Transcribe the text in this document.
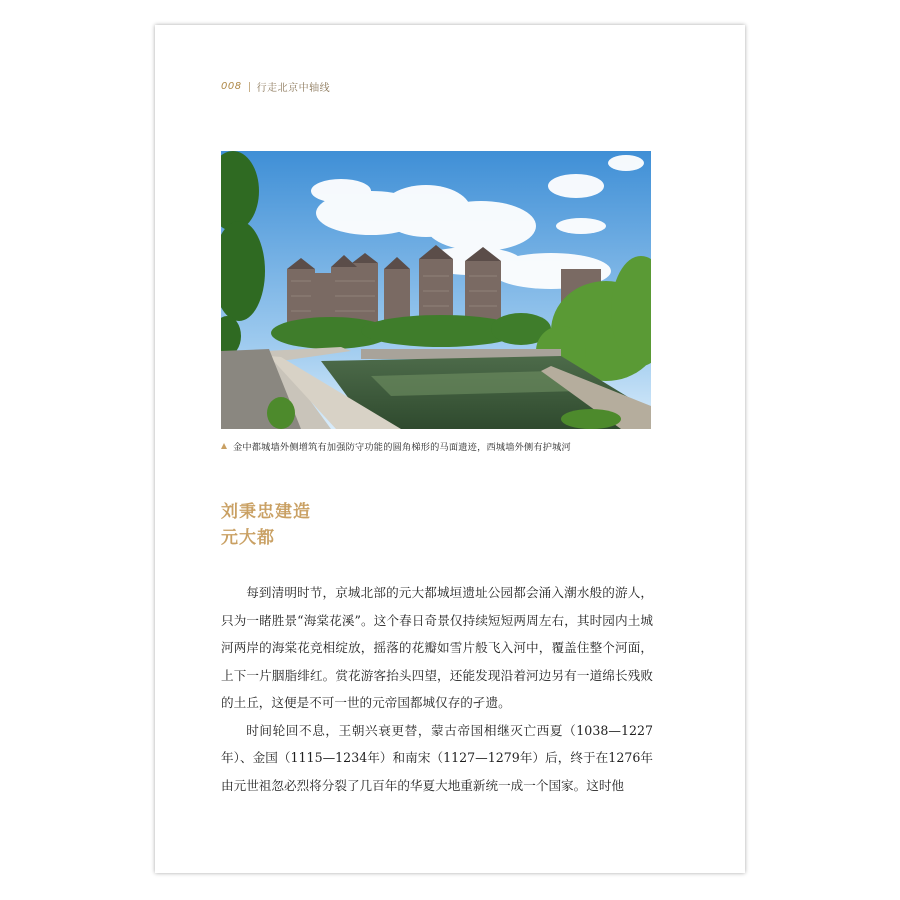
008 行走北京中轴线
金中都城墙外侧增筑有加强防守功能的圆角梯形的马面遗迹，西城墙外侧有护城河
刘秉忠建造
元大都

每到清明时节，京城北部的元大都城垣遗址公园都会涌入潮水般的游人，只为一睹胜景“海棠花溪”。这个春日奇景仅持续短短两周左右，其时园内土城河两岸的海棠花竞相绽放，摇落的花瓣如雪片般飞入河中，覆盖住整个河面，上下一片胭脂绯红。赏花游客抬头四望，还能发现沿着河边另有一道绵长残败的土丘，这便是不可一世的元帝国都城仅存的孑遗。

时间轮回不息，王朝兴衰更替，蒙古帝国相继灭亡西夏（1038—1227年）、金国（1115—1234年）和南宋（1127—1279年）后，终于在1276年由元世祖忽必烈将分裂了几百年的华夏大地重新统一成一个国家。这时他
